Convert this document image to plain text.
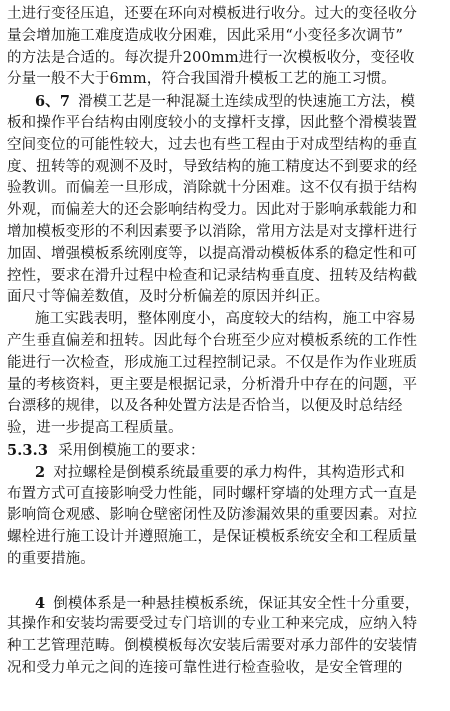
土进行变径压追，还要在环向对模板进行收分。过大的变径收分
量会增加施工难度造成收分困难，因此采用“小变径多次调节”
的方法是合适的。每次提升200mm进行一次模板收分，变径收
分量一般不大于6mm，符合我国滑升模板工艺的施工习惯。
6、7 滑模工艺是一种混凝土连续成型的快速施工方法，模
板和操作平台结构由刚度较小的支撑杆支撑，因此整个滑模装置
空间变位的可能性较大，过去也有些工程由于对成型结构的垂直
度、扭转等的观测不及时，导致结构的施工精度达不到要求的经
验教训。而偏差一旦形成，消除就十分困难。这不仅有损于结构
外观，而偏差大的还会影响结构受力。因此对于影响承载能力和
增加模板变形的不利因素要予以消除，常用方法是对支撑杆进行
加固、增强模板系统刚度等，以提高滑动模板体系的稳定性和可
控性，要求在滑升过程中检查和记录结构垂直度、扭转及结构截
面尺寸等偏差数值，及时分析偏差的原因并纠正。
施工实践表明，整体刚度小，高度较大的结构，施工中容易
产生垂直偏差和扭转。因此每个台班至少应对模板系统的工作性
能进行一次检查，形成施工过程控制记录。不仅是作为作业班质
量的考核资料，更主要是根据记录，分析滑升中存在的问题，平
台漂移的规律，以及各种处置方法是否恰当，以便及时总结经
验，进一步提高工程质量。
5.3.3 采用倒模施工的要求：
2 对拉螺栓是倒模系统最重要的承力构件，其构造形式和
布置方式可直接影响受力性能，同时螺杆穿墙的处理方式一直是
影响筒仓观感、影响仓壁密闭性及防渗漏效果的重要因素。对拉
螺栓进行施工设计并遵照施工，是保证模板系统安全和工程质量
的重要措施。
4 倒模体系是一种悬挂模板系统，保证其安全性十分重要，
其操作和安装均需要受过专门培训的专业工种来完成，应纳入特
种工艺管理范畴。倒模模板每次安装后需要对承力部件的安装情
况和受力单元之间的连接可靠性进行检查验收，是安全管理的
